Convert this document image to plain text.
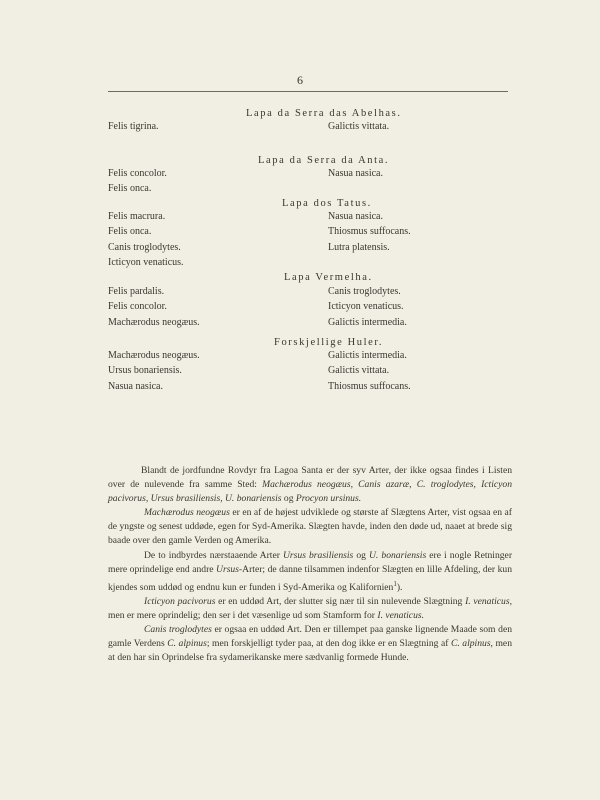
6
Lapa da Serra das Abelhas.
Felis tigrina.	Galictis vittata.
Lapa da Serra da Anta.
Felis concolor.
Felis onca.
Nasua nasica.
Lapa dos Tatus.
Felis macrura.
Felis onca.
Canis troglodytes.
Icticyon venaticus.
Nasua nasica.
Thiosmus suffocans.
Lutra platensis.
Lapa Vermelha.
Felis pardalis.
Felis concolor.
Machærodus neogæus.
Canis troglodytes.
Icticyon venaticus.
Galictis intermedia.
Forskjellige Huler.
Machærodus neogæus.
Ursus bonariensis.
Nasua nasica.
Galictis intermedia.
Galictis vittata.
Thiosmus suffocans.

Blandt de jordfundne Rovdyr fra Lagoa Santa er der syv Arter, der ikke ogsaa findes i Listen over de nulevende fra samme Sted: Machærodus neogæus, Canis azaræ, C. troglodytes, Icticyon pacivorus, Ursus brasiliensis, U. bonariensis og Procyon ursinus.

Machærodus neogæus er en af de højest udviklede og største af Slægtens Arter, vist ogsaa en af de yngste og senest uddøde, egen for Syd-Amerika. Slægten havde, inden den døde ud, naaet at brede sig baade over den gamle Verden og Amerika.

De to indbyrdes nærstaaende Arter Ursus brasiliensis og U. bonariensis ere i nogle Retninger mere oprindelige end andre Ursus-Arter; de danne tilsammen indenfor Slægten en lille Afdeling, der kun kjendes som uddød og endnu kun er funden i Syd-Amerika og Kalifornien$^1$).

Icticyon pacivorus er en uddød Art, der slutter sig nær til sin nulevende Slægtning I. venaticus, men er mere oprindelig; den ser i det væsenlige ud som Stamform for I. venaticus.

Canis troglodytes er ogsaa en uddød Art. Den er tillempet paa ganske lignende Maade som den gamle Verdens C. alpinus; men forskjelligt tyder paa, at den dog ikke er en Slægtning af C. alpinus, men at den har sin Oprindelse fra sydamerikanske mere sædvanlig formede Hunde.
